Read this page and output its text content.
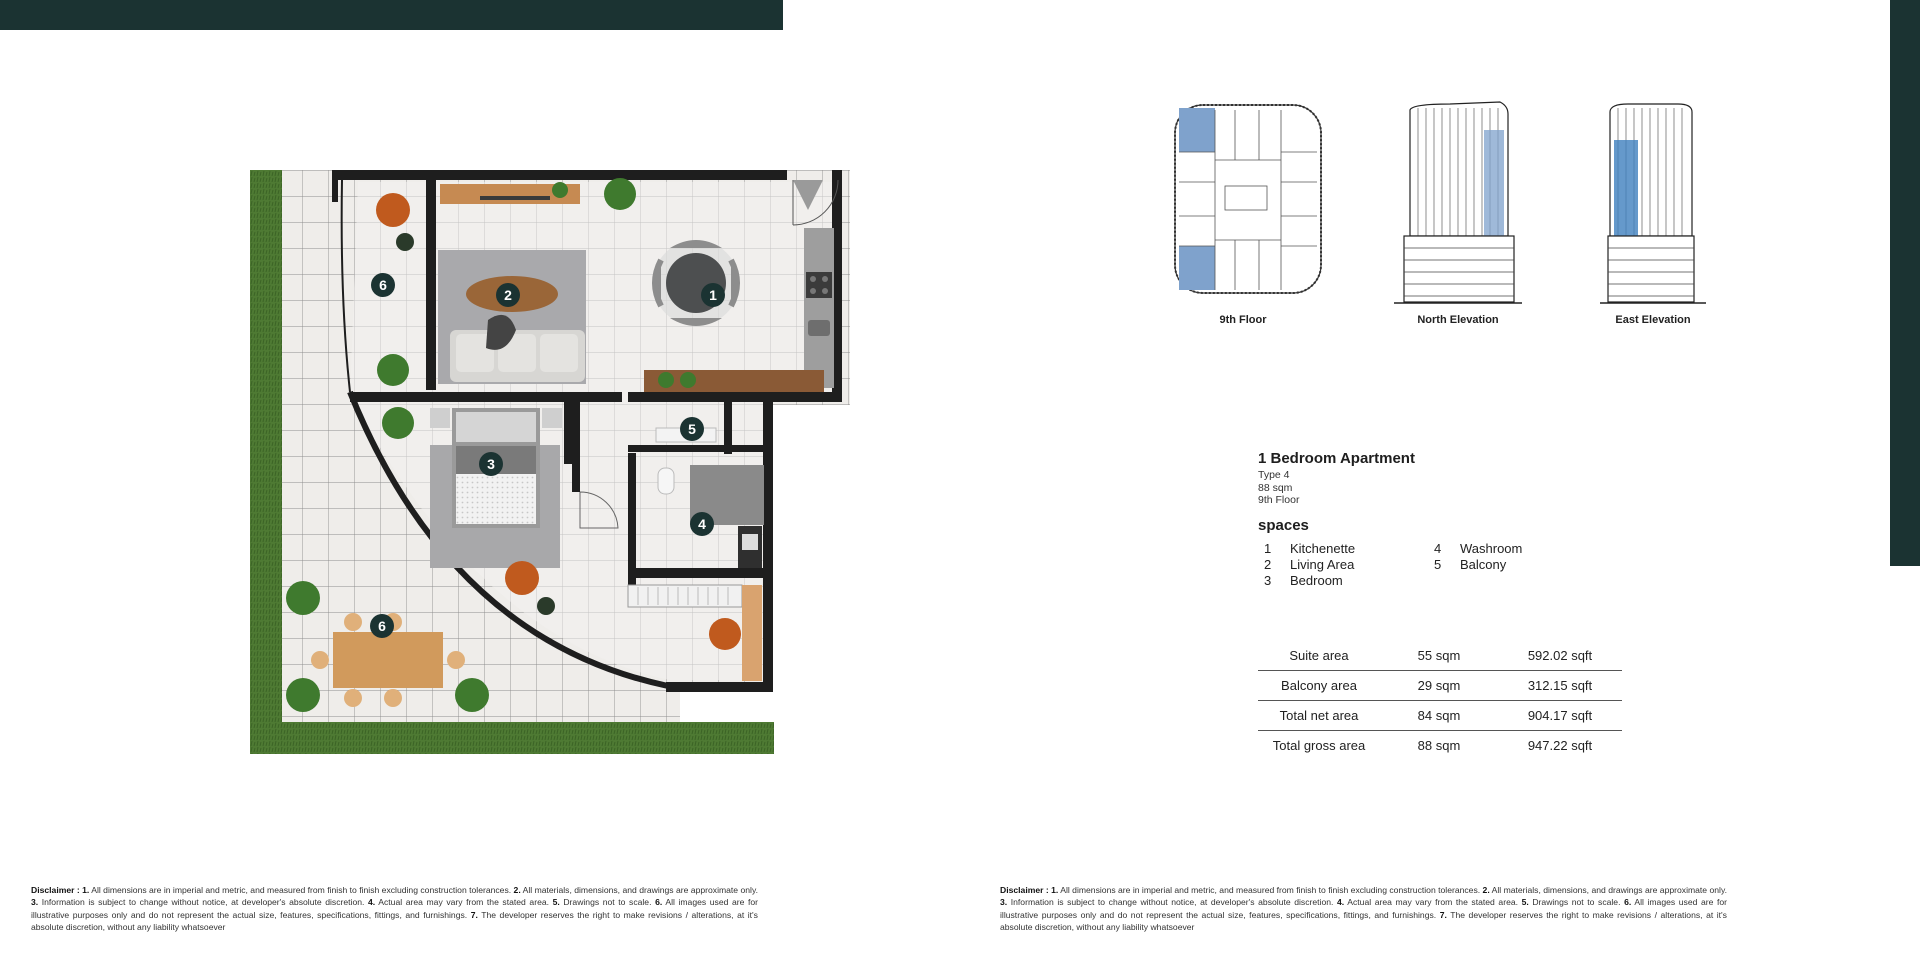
1
2
3
4
5
6
6
9th Floor	North Elevation	East Elevation
1 Bedroom Apartment
Type 4
88 sqm
9th Floor
spaces
1 Kitchenette
2 Living Area
3 Bedroom
4 Washroom
5 Balcony
Suite area	55 sqm	592.02 sqft
Balcony area	29 sqm	312.15 sqft
Total net area	84 sqm	904.17 sqft
Total gross area	88 sqm	947.22 sqft
Disclaimer : 1. All dimensions are in imperial and metric, and measured from finish to finish excluding construction tolerances. 2. All materials, dimensions, and drawings are approximate only. 3. Information is subject to change without notice, at developer's absolute discretion. 4. Actual area may vary from the stated area. 5. Drawings not to scale. 6. All images used are for illustrative purposes only and do not represent the actual size, features, specifications, fittings, and furnishings. 7. The developer reserves the right to make revisions / alterations, at it's absolute discretion, without any liability whatsoever
Disclaimer : 1. All dimensions are in imperial and metric, and measured from finish to finish excluding construction tolerances. 2. All materials, dimensions, and drawings are approximate only. 3. Information is subject to change without notice, at developer's absolute discretion. 4. Actual area may vary from the stated area. 5. Drawings not to scale. 6. All images used are for illustrative purposes only and do not represent the actual size, features, specifications, fittings, and furnishings. 7. The developer reserves the right to make revisions / alterations, at it's absolute discretion, without any liability whatsoever
